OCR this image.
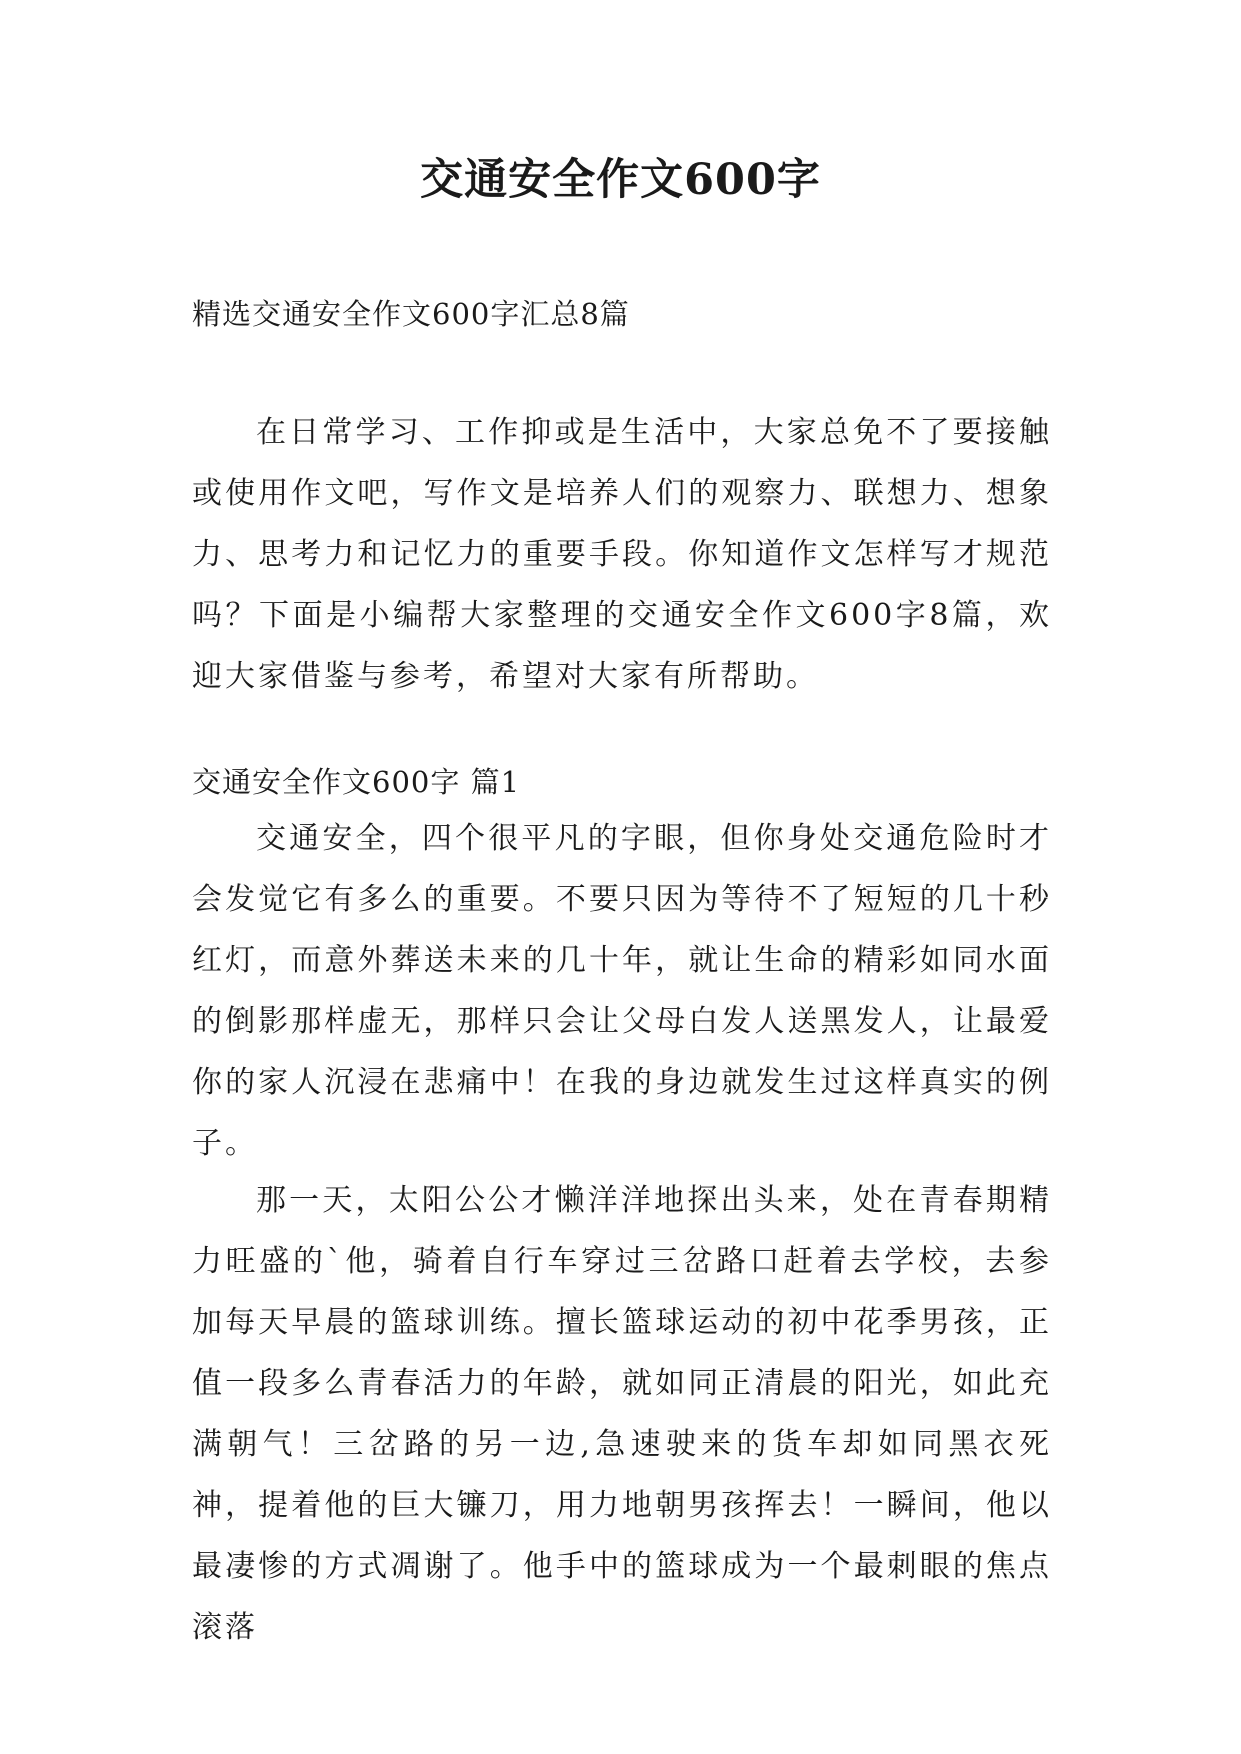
交通安全作文600字

精选交通安全作文600字汇总8篇

在日常学习、工作抑或是生活中，大家总免不了要接触或使用作文吧，写作文是培养人们的观察力、联想力、想象力、思考力和记忆力的重要手段。你知道作文怎样写才规范吗？下面是小编帮大家整理的交通安全作文600字8篇，欢迎大家借鉴与参考，希望对大家有所帮助。

交通安全作文600字 篇1

交通安全，四个很平凡的字眼，但你身处交通危险时才会发觉它有多么的重要。不要只因为等待不了短短的几十秒红灯，而意外葬送未来的几十年，就让生命的精彩如同水面的倒影那样虚无，那样只会让父母白发人送黑发人，让最爱你的家人沉浸在悲痛中！在我的身边就发生过这样真实的例子。

那一天，太阳公公才懒洋洋地探出头来，处在青春期精力旺盛的`他，骑着自行车穿过三岔路口赶着去学校，去参加每天早晨的篮球训练。擅长篮球运动的初中花季男孩，正值一段多么青春活力的年龄，就如同正清晨的阳光，如此充满朝气！三岔路的另一边,急速驶来的货车却如同黑衣死神，提着他的巨大镰刀，用力地朝男孩挥去！一瞬间，他以最凄惨的方式凋谢了。他手中的篮球成为一个最刺眼的焦点滚落
